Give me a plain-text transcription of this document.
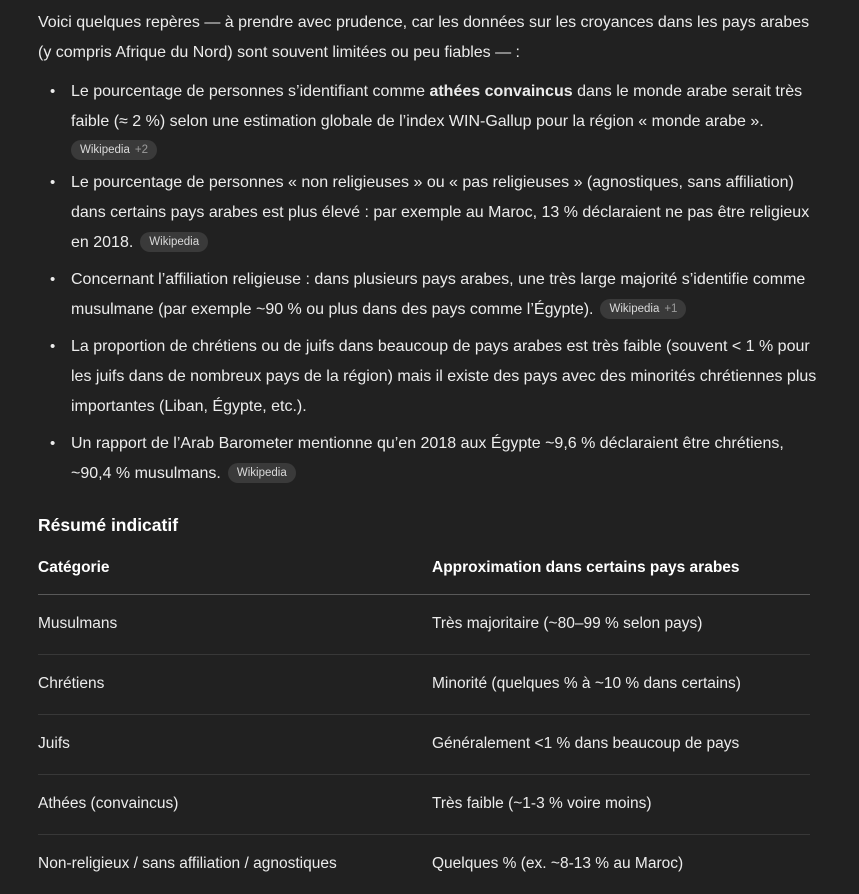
Voici quelques repères — à prendre avec prudence, car les données sur les croyances dans les pays arabes (y compris Afrique du Nord) sont souvent limitées ou peu fiables — :

• Le pourcentage de personnes s’identifiant comme athées convaincus dans le monde arabe serait très faible (≈ 2 %) selon une estimation globale de l’index WIN-Gallup pour la région « monde arabe ».
Wikipedia +2
• Le pourcentage de personnes « non religieuses » ou « pas religieuses » (agnostiques, sans affiliation) dans certains pays arabes est plus élevé : par exemple au Maroc, 13 % déclaraient ne pas être religieux en 2018. Wikipedia
• Concernant l’affiliation religieuse : dans plusieurs pays arabes, une très large majorité s’identifie comme musulmane (par exemple ~90 % ou plus dans des pays comme l’Égypte). Wikipedia +1
• La proportion de chrétiens ou de juifs dans beaucoup de pays arabes est très faible (souvent < 1 % pour les juifs dans de nombreux pays de la région) mais il existe des pays avec des minorités chrétiennes plus importantes (Liban, Égypte, etc.).
• Un rapport de l’Arab Barometer mentionne qu’en 2018 aux Égypte ~9,6 % déclaraient être chrétiens, ~90,4 % musulmans. Wikipedia
Résumé indicatif
Catégorie	Approximation dans certains pays arabes
Musulmans	Très majoritaire (~80–99 % selon pays)
Chrétiens	Minorité (quelques % à ~10 % dans certains)
Juifs	Généralement <1 % dans beaucoup de pays
Athées (convaincus)	Très faible (~1-3 % voire moins)
Non-religieux / sans affiliation / agnostiques	Quelques % (ex. ~8-13 % au Maroc)
